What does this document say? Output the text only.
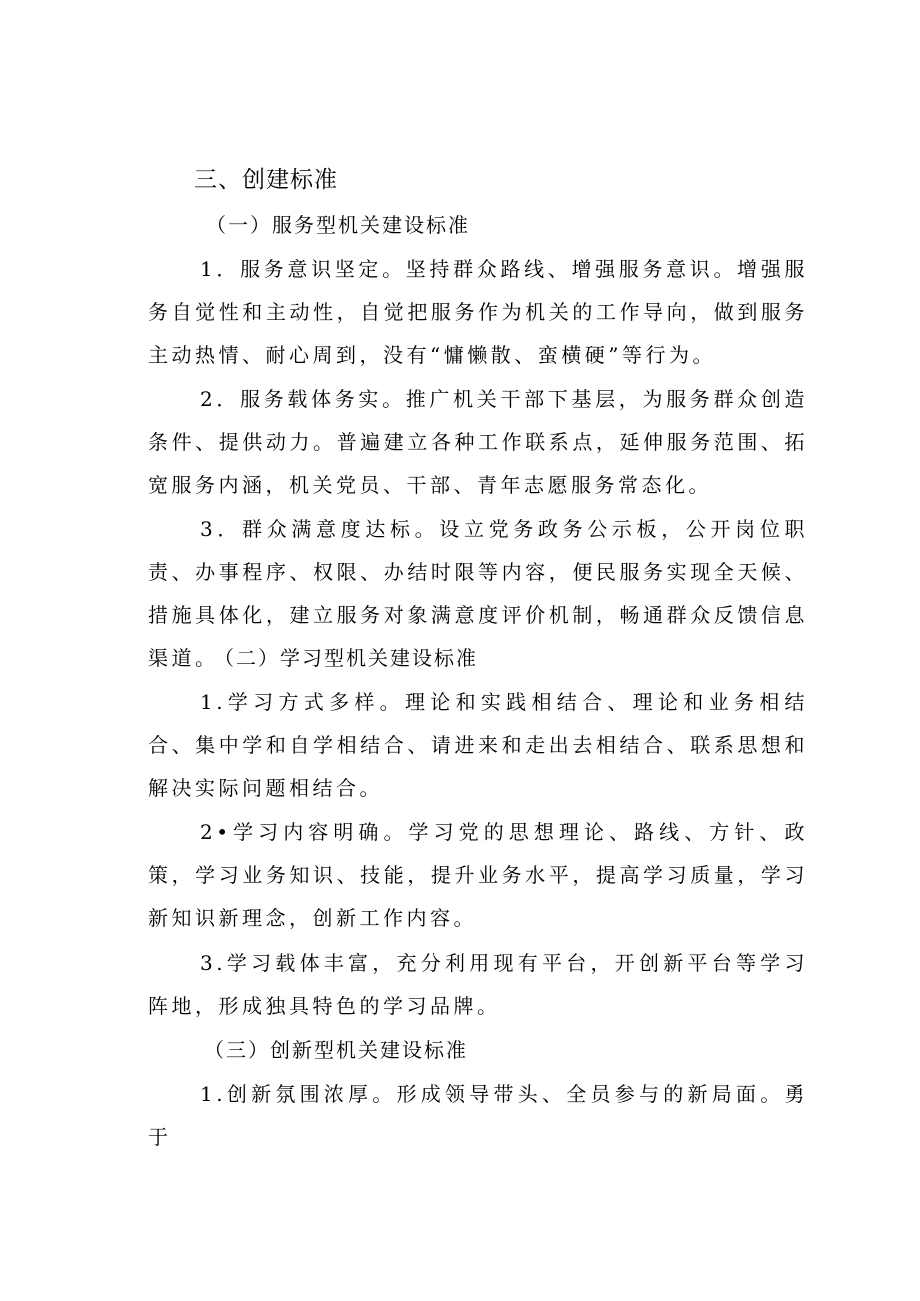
三、创建标准
（一）服务型机关建设标准
1．服务意识坚定。坚持群众路线、增强服务意识。增强服务自觉性和主动性，自觉把服务作为机关的工作导向，做到服务主动热情、耐心周到，没有“慵懒散、蛮横硬”等行为。
2．服务载体务实。推广机关干部下基层，为服务群众创造条件、提供动力。普遍建立各种工作联系点，延伸服务范围、拓宽服务内涵，机关党员、干部、青年志愿服务常态化。
3．群众满意度达标。设立党务政务公示板，公开岗位职责、办事程序、权限、办结时限等内容，便民服务实现全天候、措施具体化，建立服务对象满意度评价机制，畅通群众反馈信息渠道。
（二）学习型机关建设标准
1.学习方式多样。理论和实践相结合、理论和业务相结合、集中学和自学相结合、请进来和走出去相结合、联系思想和解决实际问题相结合。
2•学习内容明确。学习党的思想理论、路线、方针、政策，学习业务知识、技能，提升业务水平，提高学习质量，学习新知识新理念，创新工作内容。
3.学习载体丰富，充分利用现有平台，开创新平台等学习阵地，形成独具特色的学习品牌。
（三）创新型机关建设标准
1.创新氛围浓厚。形成领导带头、全员参与的新局面。勇于
